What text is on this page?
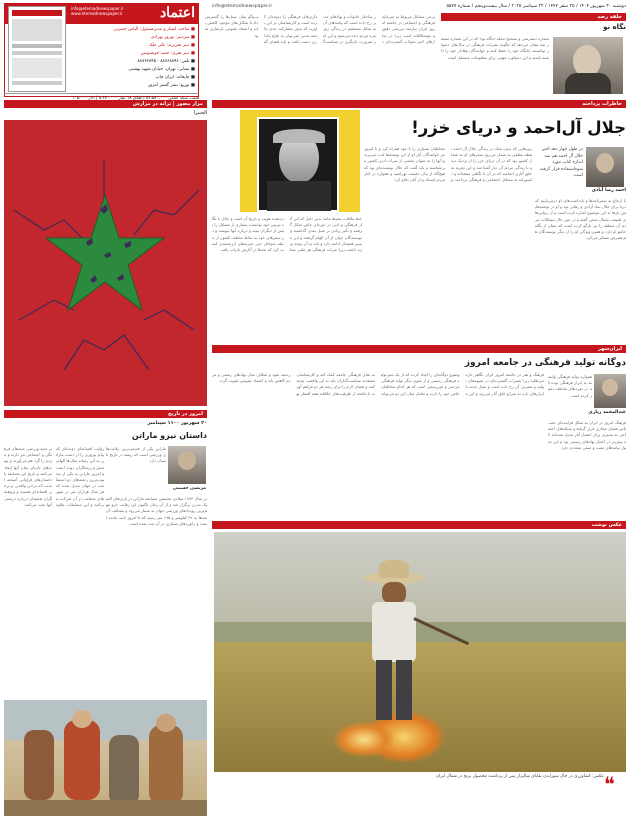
دوشنبه ۳۰ شهریور ۱۴۰۴ / ۲۵ صفر ۱۴۴۷ / ۲۲ سپتامبر ۲۰۲۵ / سال بیست‌وپنجم / شماره ۵۵۷۷
info@etemadnewspaper.ir
info@etemadnewspaper.ir
www.etemadnewspaper.ir	اعتماد
■ صاحب امتیاز و مدیرمسئول: الیاس حضرتی
■ سردبیر: بهروز بهزادی
■ دبیر تحریریه: علی ملک
■ دبیر هنری: حمید خوشنویس
■ تلفن: ۸۸۷۶۸۸۹۶ - ۸۸۷۶۳۸۴۵
■ نشانی: تهران، خیابان شهید بهشتی
■ چاپخانه: ایران چاپ
■ توزیع: نشر گستر امروز
قیمت سکه امامی ۸۶،۵۸۰،۰۰۰ | طلای ۱۸ عیار ۸،۲۷۰،۰۰۰ | دلار ۱۰۵،۰۰۰
برخی مسائل مربوط به سرمایه فرهنگی و اجتماعی در جامعه امروز ایران نیازمند بررسی دقیق و موشکافانه است زیرا در سال‌های اخیر تحولات گسترده‌ای در ساختار خانواده و نهادهای مدنی رخ داده است که پیامدهای آن به شکل مستقیم در زندگی روزمره مردم دیده می‌شود و این امر ضرورت بازنگری در سیاست‌گذاری‌های فرهنگی را دوچندان کرده است و کارشناسان بر این باورند که بدون مشارکت جدی جامعه مدنی نمی‌توان به نتایج پایداری دست یافت و باید فضای گفت‌وگو میان نسل‌ها را گسترش داد تا شکاف‌های موجود کاهش یابد و اعتماد عمومی بازسازی شود
حلقه رصد
نگاه نو
شماره دسترسی و تصحیح مجله «نگاه نو» که در این شماره منتشر شد نشان می‌دهد که چگونه نشریات فرهنگی در سال‌های دشوار توانستند جایگاه خود را حفظ کنند و خوانندگان وفادار خود را داشته باشند و این دستاورد مهمی برای مطبوعات مستقل است
مزار مصور | ترانه در مزارش
الحنیرا
خاطرات پرداخته
خط ملاقات محیط مانند بدین دلیل که این آثار فرهنگی و ادبی در دوره‌ای خاص شکل گرفتند و تأثیر زیادی بر نسل بعدی گذاشتند و نویسندگان جوان از آن الهام گرفتند و این مسیر همچنان ادامه دارد و باید به آن توجه ویژه داشت زیرا میراث فرهنگی هر ملتی نشان‌دهنده هویت و تاریخ آن است و جلال با نگاه تیزبین خود توانست بسیاری از مسائل را پیش از دیگران ببیند و درباره آنها بنویسد و در سفرهای خود به نقاط مختلف کشور از جمله سواحل خزر تجربه‌های ارزشمندی کسب کرد که بعدها در آثارش بازتاب یافت
جلال آل‌احمد و دریای خزر!
احمد رضا آبادی
در طول چهار دهه اخیر جلال آل احمد هم سه اندازه کتاب مورد سوءاستفاده قرار گرفته است.
روزهایی که بدون شک در زندگی جلال آل احمد نقطه عطفی به شمار می‌رود سفرهای او به شمال کشور بود که در آن دریای خزر را از نزدیک دید و با زندگی مردم آن دیار آشنا شد و این تجربه به خلق آثاری انجامید که در آن با نگاهی منتقدانه و دلسوزانه به مسائل اجتماعی و فرهنگی پرداخت و مخاطبان بسیاری را با خود همراه کرد و تا امروز نیز خوانندگان آثار او از این نوشته‌ها لذت می‌برند و آنها را به عنوان بخشی از میراث ادبی کشور می‌شناسند و باید گفت که جلال نویسنده‌ای بود که هیچ‌گاه از بیان حقیقت نهراسید و همواره در کنار مردم ایستاد و از آنان دفاع کرد
با ارجاع به سفرنامه‌ها و یادداشت‌های او درمی‌یابیم که دریا برای جلال نماد آزادی و رهایی بود و او در نوشته‌هایش بارها به این موضوع اشاره کرده است و از زیبایی‌های طبیعت شمال سخن گفته و در عین حال مشکلات مردم آن منطقه را نیز بازگو کرده است که نشان از نگاه جامع او دارد و همین ویژگی او را از دیگر نویسندگان هم‌عصرش متمایز می‌کرد
ایران‌شهر
دوگانه تولید فرهنگی در جامعه امروز
عبدالمحمد زیاری
همواره تولید فرهنگی وابسته به ابزار فرهنگی بوده که در دوره‌های مختلف تغییر کرده است
فرهنگ و هنر در جامعه امروز ایران نگاهی تازه می‌طلبد زیرا تغییرات گسترده‌ای در شیوه‌های تولید و مصرف آن رخ داده است و نسل جدید با ابزارهای تازه به سراغ خلق آثار می‌رود و این موضوع دوگانه‌ای را ایجاد کرده که از یک سو تولید فرهنگی رسمی و از سوی دیگر تولید فرهنگی مردمی و غیررسمی است که هر کدام مخاطبان خاص خود را دارند و تعامل میان این دو می‌تواند به غنای فرهنگی جامعه کمک کند و کارشناسان معتقدند سیاست‌گذاران باید به این واقعیت توجه کنند و فضای لازم را برای رشد هر دو فراهم آورند تا جامعه از ظرفیت‌های خلاقانه همه اقشار بهره‌مند شود و شکاف میان نهادهای رسمی و مردم کاهش یابد و اعتماد عمومی تقویت گردد
فرهنگ امروز در ایران به شکل فزاینده‌ای تحت تأثیر فضای مجازی قرار گرفته و شبکه‌های اجتماعی به بستری برای انتشار آثار تبدیل شده‌اند که پیش‌تر در اختیار نهادهای رسمی بود و این تحول پیامدهای مثبت و منفی متعددی دارد
عکس نوشت
عکس: کشاورزی در حال سوزاندن بقایای شالیزار پس از برداشت محصول برنج در شمال ایران ❝
امروز در تاریخ
۲۰ شهریور ۱۱۰۰ سپتامبر
داستان نیرو ماراتن
مرتضی حسینی
ماراتن یکی از قدیمی‌ترین رقابت‌های ورزشی است که ریشه در تاریخ باستان دارد
روایت افسانه‌ای دونده‌ای که پیام پیروزی را از دشت ماراتن به آتن رساند سال‌ها الهام‌بخش ورزشکاران بوده است و امروز ماراتن به یکی از محبوب‌ترین رشته‌های دو استقامت در جهان تبدیل شده که هر سال هزاران نفر در شهرهای مختلف در آن شرکت می‌کنند و این مسابقات علاوه بر جنبه ورزشی جنبه‌های فرهنگی و اجتماعی نیز دارند و مردم را گرد هم می‌آورند و پیوندهای تازه‌ای میان آنها ایجاد می‌کنند و تاریخ این مسابقه با داستان‌های فراوانی آمیخته است که برخی واقعی و برخی افسانه‌ای هستند و پژوهشگران همچنان درباره درستی آنها بحث می‌کنند
در سال ۱۸۹۶ میلادی نخستین مسابقه ماراتن در بازی‌های المپیک مدرن برگزار شد و از آن زمان تاکنون این رقابت جزو مهم‌ترین رویدادهای ورزشی جهان به شمار می‌رود و مسافت آن بعدها به ۴۲ کیلومتر و ۱۹۵ متر رسید که تا امروز ثابت مانده است و رکوردهای بسیاری در آن ثبت شده است
